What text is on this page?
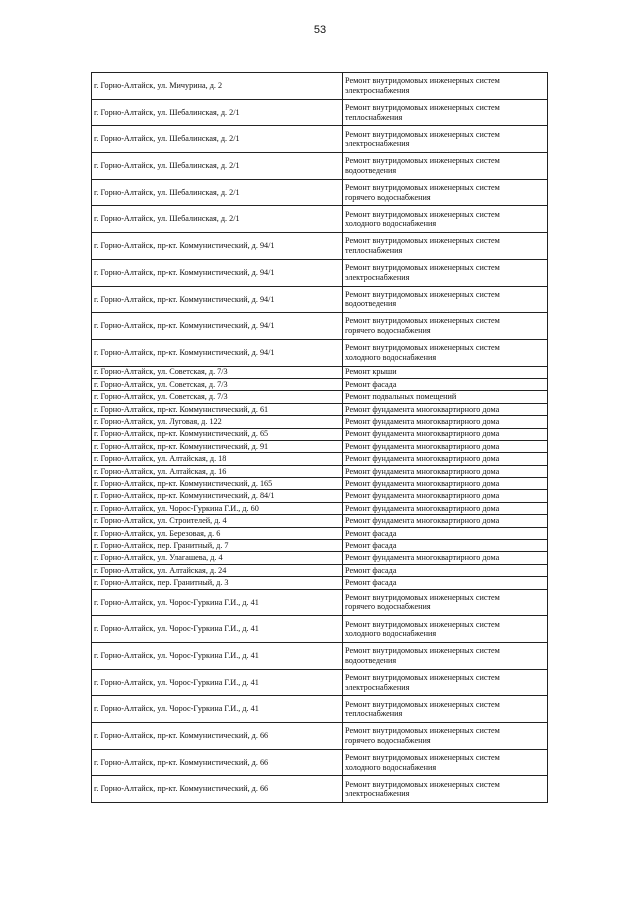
53
г. Горно-Алтайск, ул. Мичурина, д. 2	Ремонт внутридомовых инженерных систем
электроснабжения

г. Горно-Алтайск, ул. Шебалинская, д. 2/1	Ремонт внутридомовых инженерных систем
теплоснабжения

г. Горно-Алтайск, ул. Шебалинская, д. 2/1	Ремонт внутридомовых инженерных систем
электроснабжения

г. Горно-Алтайск, ул. Шебалинская, д. 2/1	Ремонт внутридомовых инженерных систем
водоотведения

г. Горно-Алтайск, ул. Шебалинская, д. 2/1	Ремонт внутридомовых инженерных систем
горячего водоснабжения

г. Горно-Алтайск, ул. Шебалинская, д. 2/1	Ремонт внутридомовых инженерных систем
холодного водоснабжения

г. Горно-Алтайск, пр-кт. Коммунистический, д. 94/1	Ремонт внутридомовых инженерных систем
теплоснабжения

г. Горно-Алтайск, пр-кт. Коммунистический, д. 94/1	Ремонт внутридомовых инженерных систем
электроснабжения

г. Горно-Алтайск, пр-кт. Коммунистический, д. 94/1	Ремонт внутридомовых инженерных систем
водоотведения

г. Горно-Алтайск, пр-кт. Коммунистический, д. 94/1	Ремонт внутридомовых инженерных систем
горячего водоснабжения

г. Горно-Алтайск, пр-кт. Коммунистический, д. 94/1	Ремонт внутридомовых инженерных систем
холодного водоснабжения

г. Горно-Алтайск, ул. Советская, д. 7/3	Ремонт крыши

г. Горно-Алтайск, ул. Советская, д. 7/3	Ремонт фасада

г. Горно-Алтайск, ул. Советская, д. 7/3	Ремонт подвальных помещений

г. Горно-Алтайск, пр-кт. Коммунистический, д. 61	Ремонт фундамента многоквартирного дома

г. Горно-Алтайск, ул. Луговая, д. 122	Ремонт фундамента многоквартирного дома

г. Горно-Алтайск, пр-кт. Коммунистический, д. 65	Ремонт фундамента многоквартирного дома

г. Горно-Алтайск, пр-кт. Коммунистический, д. 91	Ремонт фундамента многоквартирного дома

г. Горно-Алтайск, ул. Алтайская, д. 18	Ремонт фундамента многоквартирного дома

г. Горно-Алтайск, ул. Алтайская, д. 16	Ремонт фундамента многоквартирного дома

г. Горно-Алтайск, пр-кт. Коммунистический, д. 165	Ремонт фундамента многоквартирного дома

г. Горно-Алтайск, пр-кт. Коммунистический, д. 84/1	Ремонт фундамента многоквартирного дома

г. Горно-Алтайск, ул. Чорос-Гуркина Г.И., д. 60	Ремонт фундамента многоквартирного дома

г. Горно-Алтайск, ул. Строителей, д. 4	Ремонт фундамента многоквартирного дома

г. Горно-Алтайск, ул. Березовая, д. 6	Ремонт фасада

г. Горно-Алтайск, пер. Гранитный, д. 7	Ремонт фасада

г. Горно-Алтайск, ул. Улагашева, д. 4	Ремонт фундамента многоквартирного дома

г. Горно-Алтайск, ул. Алтайская, д. 24	Ремонт фасада

г. Горно-Алтайск, пер. Гранитный, д. 3	Ремонт фасада

г. Горно-Алтайск, ул. Чорос-Гуркина Г.И., д. 41	Ремонт внутридомовых инженерных систем
горячего водоснабжения

г. Горно-Алтайск, ул. Чорос-Гуркина Г.И., д. 41	Ремонт внутридомовых инженерных систем
холодного водоснабжения

г. Горно-Алтайск, ул. Чорос-Гуркина Г.И., д. 41	Ремонт внутридомовых инженерных систем
водоотведения

г. Горно-Алтайск, ул. Чорос-Гуркина Г.И., д. 41	Ремонт внутридомовых инженерных систем
электроснабжения

г. Горно-Алтайск, ул. Чорос-Гуркина Г.И., д. 41	Ремонт внутридомовых инженерных систем
теплоснабжения

г. Горно-Алтайск, пр-кт. Коммунистический, д. 66	Ремонт внутридомовых инженерных систем
горячего водоснабжения

г. Горно-Алтайск, пр-кт. Коммунистический, д. 66	Ремонт внутридомовых инженерных систем
холодного водоснабжения

г. Горно-Алтайск, пр-кт. Коммунистический, д. 66	Ремонт внутридомовых инженерных систем
электроснабжения
